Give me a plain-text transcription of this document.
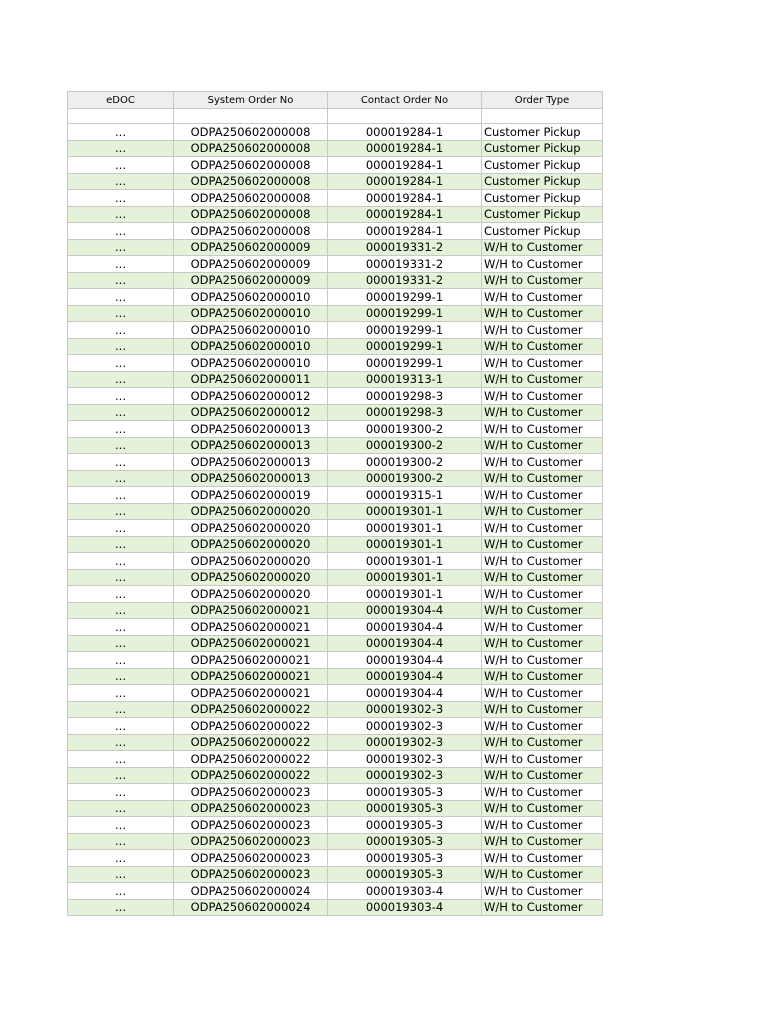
eDOC	System Order No	Contact Order No	Order Type

...	ODPA250602000008	000019284-1	Customer Pickup
...	ODPA250602000008	000019284-1	Customer Pickup
...	ODPA250602000008	000019284-1	Customer Pickup
...	ODPA250602000008	000019284-1	Customer Pickup
...	ODPA250602000008	000019284-1	Customer Pickup
...	ODPA250602000008	000019284-1	Customer Pickup
...	ODPA250602000008	000019284-1	Customer Pickup
...	ODPA250602000009	000019331-2	W/H to Customer
...	ODPA250602000009	000019331-2	W/H to Customer
...	ODPA250602000009	000019331-2	W/H to Customer
...	ODPA250602000010	000019299-1	W/H to Customer
...	ODPA250602000010	000019299-1	W/H to Customer
...	ODPA250602000010	000019299-1	W/H to Customer
...	ODPA250602000010	000019299-1	W/H to Customer
...	ODPA250602000010	000019299-1	W/H to Customer
...	ODPA250602000011	000019313-1	W/H to Customer
...	ODPA250602000012	000019298-3	W/H to Customer
...	ODPA250602000012	000019298-3	W/H to Customer
...	ODPA250602000013	000019300-2	W/H to Customer
...	ODPA250602000013	000019300-2	W/H to Customer
...	ODPA250602000013	000019300-2	W/H to Customer
...	ODPA250602000013	000019300-2	W/H to Customer
...	ODPA250602000019	000019315-1	W/H to Customer
...	ODPA250602000020	000019301-1	W/H to Customer
...	ODPA250602000020	000019301-1	W/H to Customer
...	ODPA250602000020	000019301-1	W/H to Customer
...	ODPA250602000020	000019301-1	W/H to Customer
...	ODPA250602000020	000019301-1	W/H to Customer
...	ODPA250602000020	000019301-1	W/H to Customer
...	ODPA250602000021	000019304-4	W/H to Customer
...	ODPA250602000021	000019304-4	W/H to Customer
...	ODPA250602000021	000019304-4	W/H to Customer
...	ODPA250602000021	000019304-4	W/H to Customer
...	ODPA250602000021	000019304-4	W/H to Customer
...	ODPA250602000021	000019304-4	W/H to Customer
...	ODPA250602000022	000019302-3	W/H to Customer
...	ODPA250602000022	000019302-3	W/H to Customer
...	ODPA250602000022	000019302-3	W/H to Customer
...	ODPA250602000022	000019302-3	W/H to Customer
...	ODPA250602000022	000019302-3	W/H to Customer
...	ODPA250602000023	000019305-3	W/H to Customer
...	ODPA250602000023	000019305-3	W/H to Customer
...	ODPA250602000023	000019305-3	W/H to Customer
...	ODPA250602000023	000019305-3	W/H to Customer
...	ODPA250602000023	000019305-3	W/H to Customer
...	ODPA250602000023	000019305-3	W/H to Customer
...	ODPA250602000024	000019303-4	W/H to Customer
...	ODPA250602000024	000019303-4	W/H to Customer
